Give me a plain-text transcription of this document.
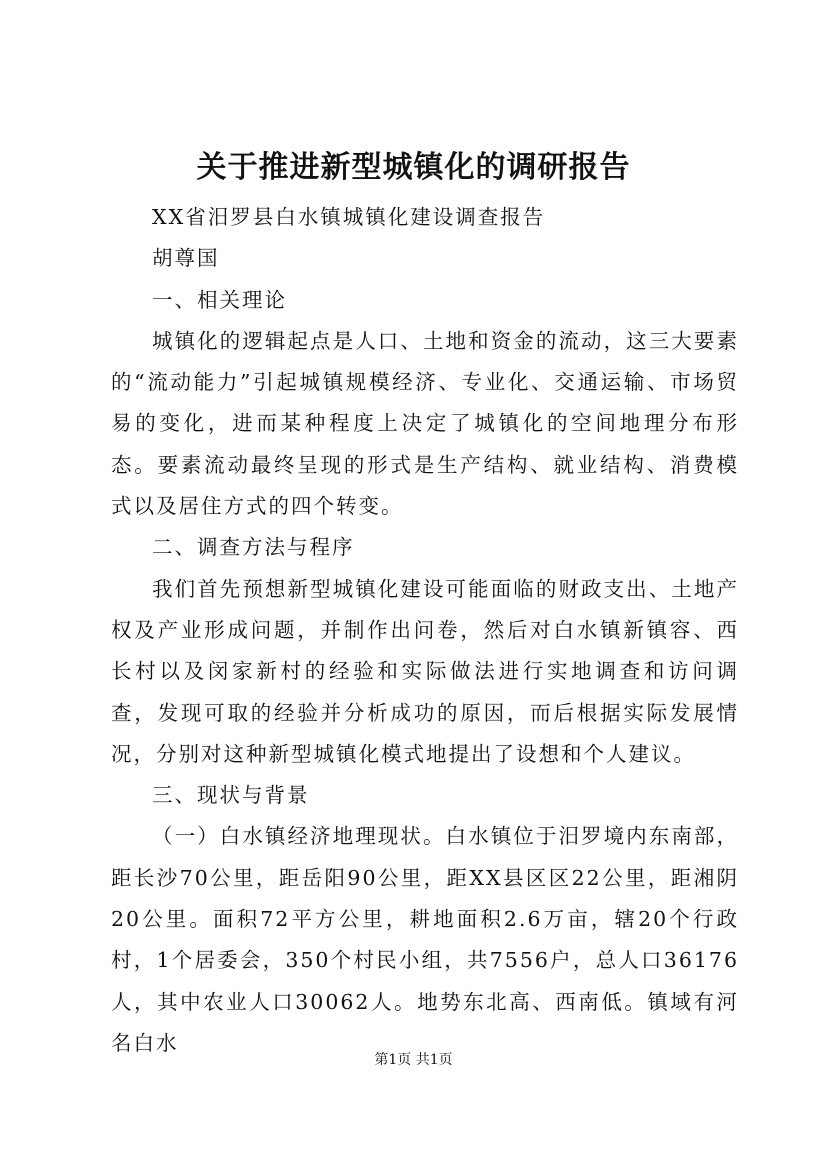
关于推进新型城镇化的调研报告

XX省汨罗县白水镇城镇化建设调查报告

胡尊国

一、相关理论

城镇化的逻辑起点是人口、土地和资金的流动，这三大要素的“流动能力”引起城镇规模经济、专业化、交通运输、市场贸易的变化，进而某种程度上决定了城镇化的空间地理分布形态。要素流动最终呈现的形式是生产结构、就业结构、消费模式以及居住方式的四个转变。

二、调查方法与程序

我们首先预想新型城镇化建设可能面临的财政支出、土地产权及产业形成问题，并制作出问卷，然后对白水镇新镇容、西长村以及闵家新村的经验和实际做法进行实地调查和访问调查，发现可取的经验并分析成功的原因，而后根据实际发展情况，分别对这种新型城镇化模式地提出了设想和个人建议。

三、现状与背景

（一）白水镇经济地理现状。白水镇位于汨罗境内东南部，距长沙70公里，距岳阳90公里，距XX县区区22公里，距湘阴20公里。面积72平方公里，耕地面积2.6万亩，辖20个行政村，1个居委会，350个村民小组，共7556户，总人口36176人，其中农业人口30062人。地势东北高、西南低。镇域有河名白水

第1页 共1页
